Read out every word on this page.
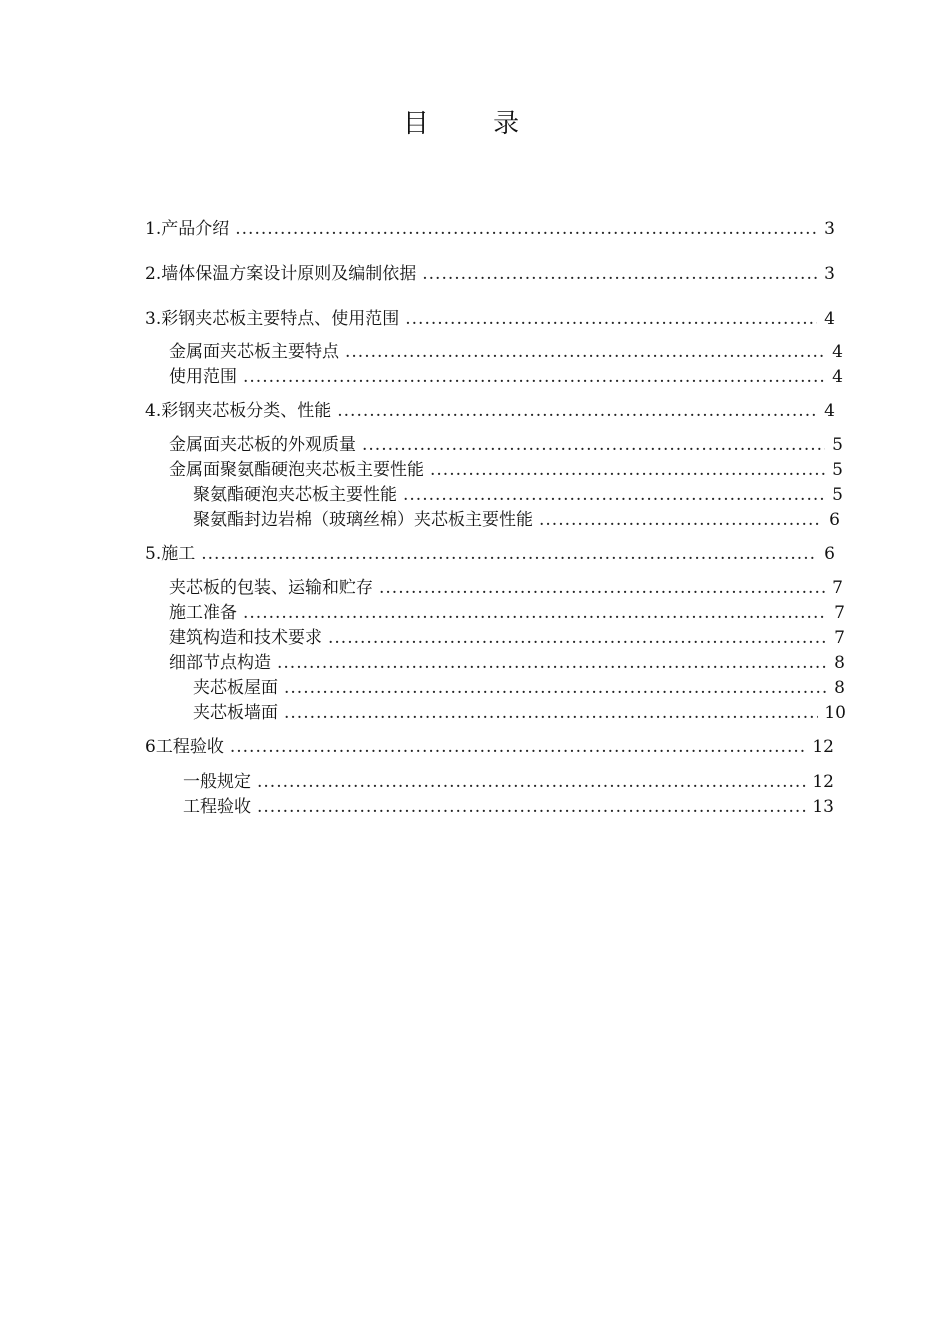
目 录
1.产品介绍 .....	3
2.墙体保温方案设计原则及编制依据 .....	3
3.彩钢夹芯板主要特点、使用范围 .....	4
金属面夹芯板主要特点 .....	4
使用范围 .....	4
4.彩钢夹芯板分类、性能 .....	4
金属面夹芯板的外观质量 .....	5
金属面聚氨酯硬泡夹芯板主要性能 .....	5
聚氨酯硬泡夹芯板主要性能 .....	5
聚氨酯封边岩棉（玻璃丝棉）夹芯板主要性能 .....	6
5.施工 .....	6
夹芯板的包装、运输和贮存 .....	7
施工准备 .....	7
建筑构造和技术要求 .....	7
细部节点构造 .....	8
夹芯板屋面 .....	8
夹芯板墙面 .....	10
6工程验收 .....	12
一般规定 .....	12
工程验收 .....	13
